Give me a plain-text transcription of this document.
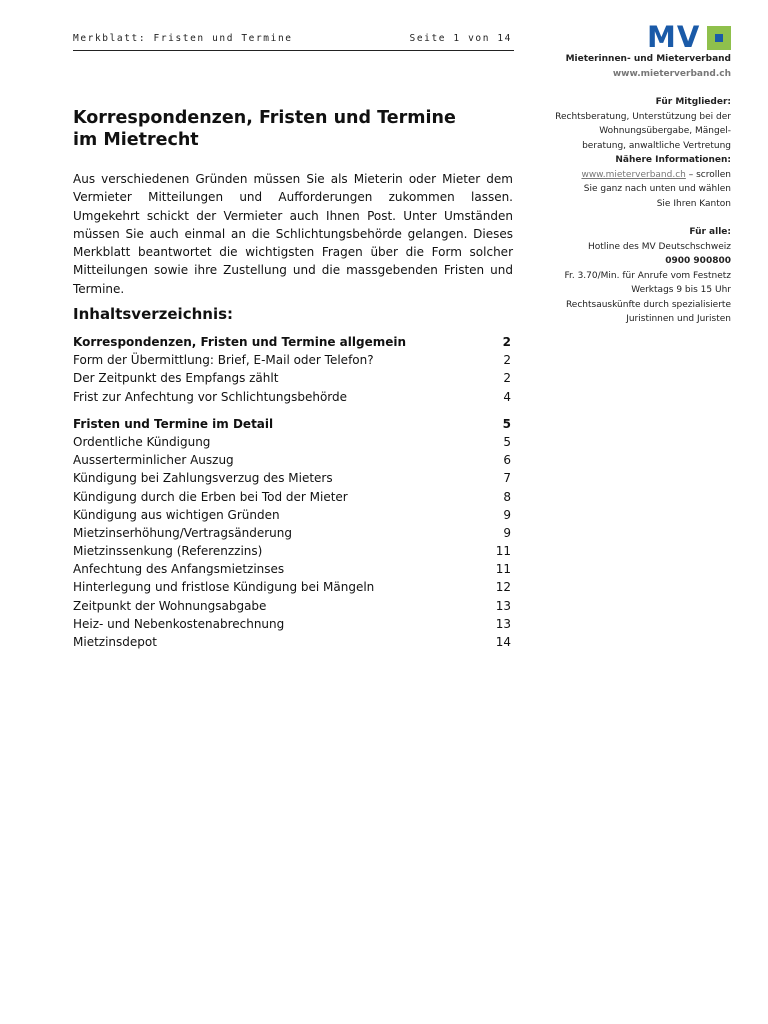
Merkblatt: Fristen und Termine	Seite 1 von 14	MV
Mieterinnen- und Mieterverband
www.mieterverband.ch
Für Mitglieder:
Rechtsberatung, Unterstützung bei der
Wohnungsübergabe, Mängel-
beratung, anwaltliche Vertretung
Nähere Informationen:
www.mieterverband.ch – scrollen
Sie ganz nach unten und wählen
Sie Ihren Kanton
Für alle:
Hotline des MV Deutschschweiz
0900 900800
Fr. 3.70/Min. für Anrufe vom Festnetz
Werktags 9 bis 15 Uhr
Rechtsauskünfte durch spezialisierte
Juristinnen und Juristen
Korrespondenzen, Fristen und Termine
im Mietrecht

Aus verschiedenen Gründen müssen Sie als Mieterin oder Mieter dem Vermieter Mitteilungen und Aufforderungen zukommen lassen. Umgekehrt schickt der Vermieter auch Ihnen Post. Unter Umständen müssen Sie auch einmal an die Schlichtungsbehörde gelangen. Dieses Merkblatt beantwortet die wichtigsten Fragen über die Form solcher Mitteilungen sowie ihre Zustellung und die massgebenden Fristen und Termine.

Inhaltsverzeichnis:
Korrespondenzen, Fristen und Termine allgemein	2
Form der Übermittlung: Brief, E-Mail oder Telefon?	2
Der Zeitpunkt des Empfangs zählt	2
Frist zur Anfechtung vor Schlichtungsbehörde	4
Fristen und Termine im Detail	5
Ordentliche Kündigung	5
Ausserterminlicher Auszug	6
Kündigung bei Zahlungsverzug des Mieters	7
Kündigung durch die Erben bei Tod der Mieter	8
Kündigung aus wichtigen Gründen	9
Mietzinserhöhung/Vertragsänderung	9
Mietzinssenkung (Referenzzins)	11
Anfechtung des Anfangsmietzinses	11
Hinterlegung und fristlose Kündigung bei Mängeln	12
Zeitpunkt der Wohnungsabgabe	13
Heiz- und Nebenkostenabrechnung	13
Mietzinsdepot	14
